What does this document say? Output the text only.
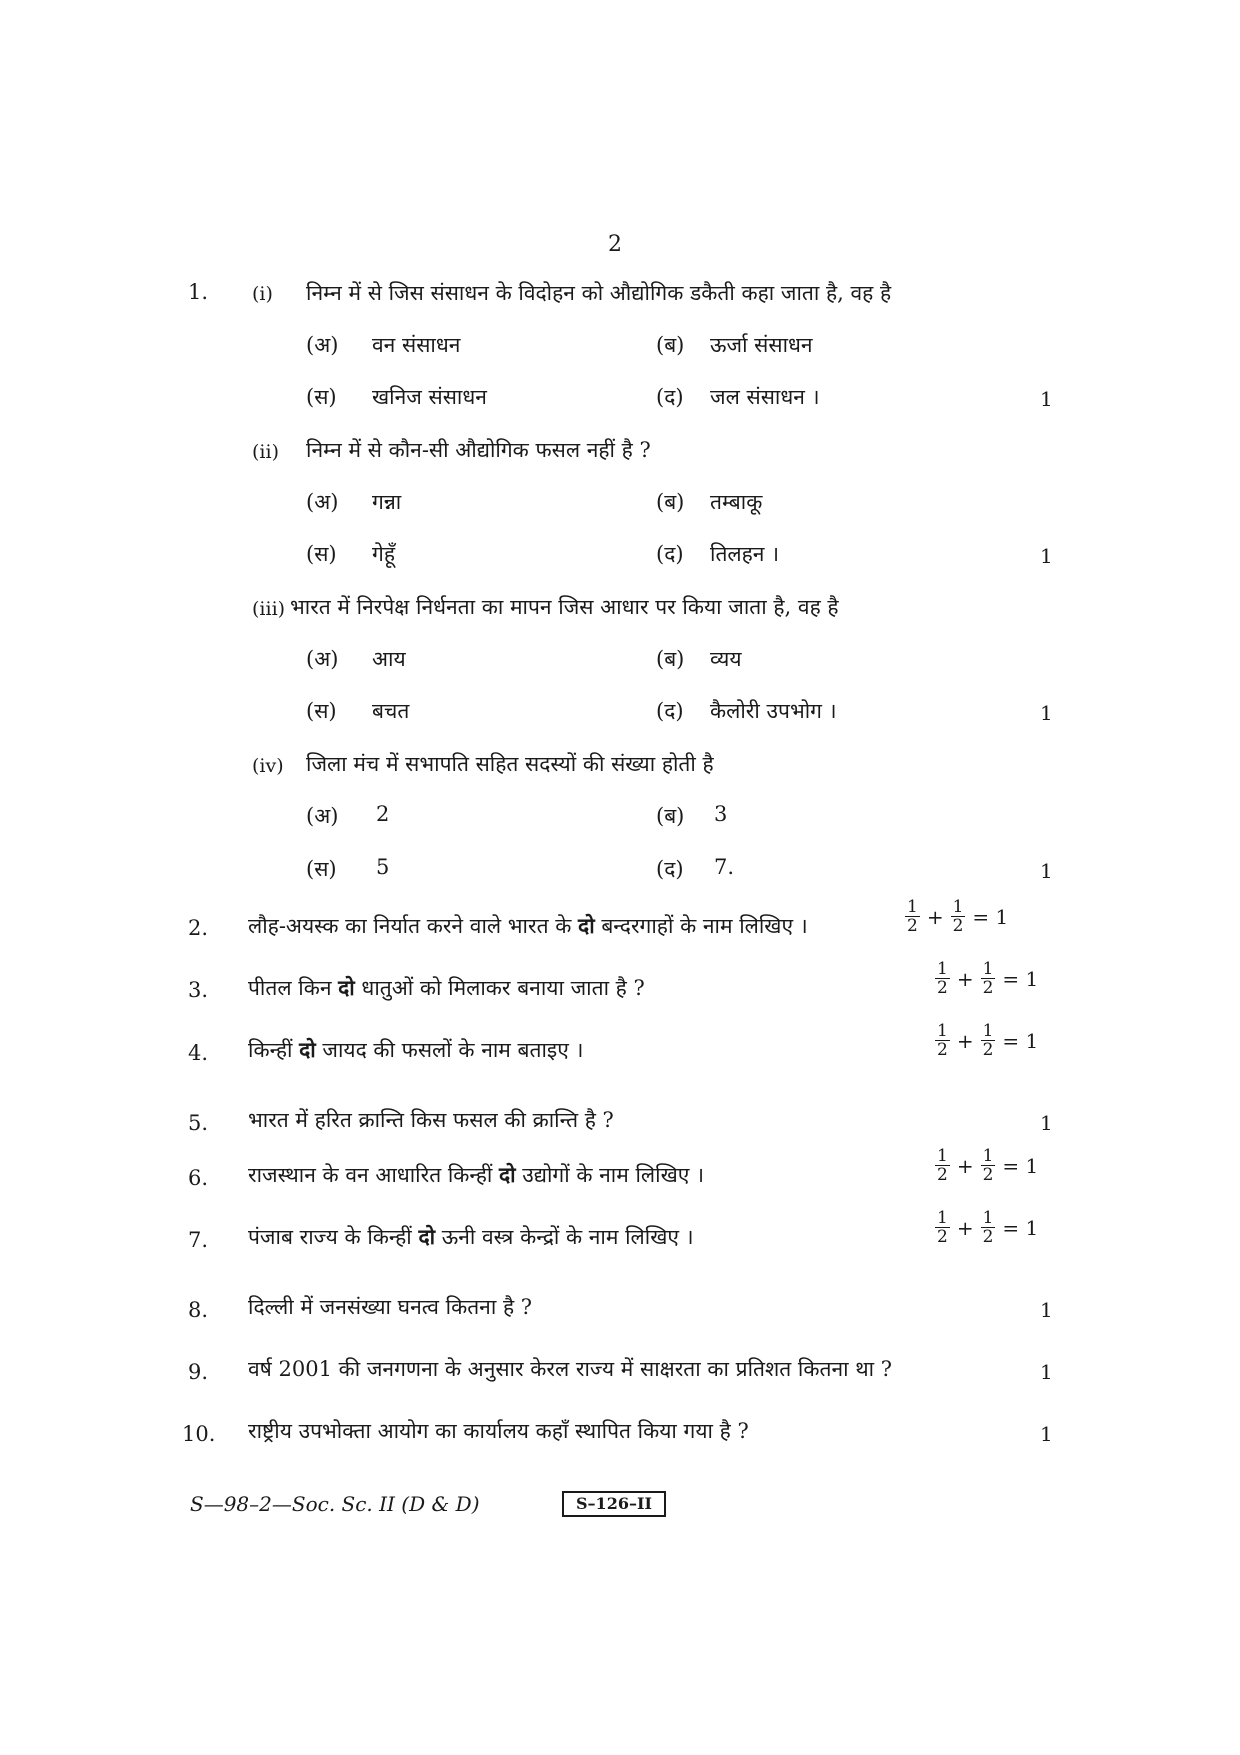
2
1. (i) निम्न में से जिस संसाधन के विदोहन को औद्योगिक डकैती कहा जाता है, वह है
(अ) वन संसाधन	(ब) ऊर्जा संसाधन
(स) खनिज संसाधन	(द) जल संसाधन ।	1
(ii) निम्न में से कौन-सी औद्योगिक फसल नहीं है ?
(अ) गन्ना	(ब) तम्बाकू
(स) गेहूँ	(द) तिलहन ।	1
(iii) भारत में निरपेक्ष निर्धनता का मापन जिस आधार पर किया जाता है, वह है
(अ) आय	(ब) व्यय
(स) बचत	(द) कैलोरी उपभोग ।	1
(iv) जिला मंच में सभापति सहित सदस्यों की संख्या होती है
(अ) 2	(ब) 3
(स) 5	(द) 7.	1
2. लौह-अयस्क का निर्यात करने वाले भारत के दो बन्दरगाहों के नाम लिखिए ।	$\frac{1}{2} + \frac{1}{2} = 1$
3. पीतल किन दो धातुओं को मिलाकर बनाया जाता है ?	$\frac{1}{2} + \frac{1}{2} = 1$
4. किन्हीं दो जायद की फसलों के नाम बताइए ।	$\frac{1}{2} + \frac{1}{2} = 1$
5. भारत में हरित क्रान्ति किस फसल की क्रान्ति है ?	1
6. राजस्थान के वन आधारित किन्हीं दो उद्योगों के नाम लिखिए ।	$\frac{1}{2} + \frac{1}{2} = 1$
7. पंजाब राज्य के किन्हीं दो ऊनी वस्त्र केन्द्रों के नाम लिखिए ।	$\frac{1}{2} + \frac{1}{2} = 1$
8. दिल्ली में जनसंख्या घनत्व कितना है ?	1
9. वर्ष 2001 की जनगणना के अनुसार केरल राज्य में साक्षरता का प्रतिशत कितना था ?	1
10. राष्ट्रीय उपभोक्ता आयोग का कार्यालय कहाँ स्थापित किया गया है ?	1
S—98–2—Soc. Sc. II (D & D)	S–126–II
